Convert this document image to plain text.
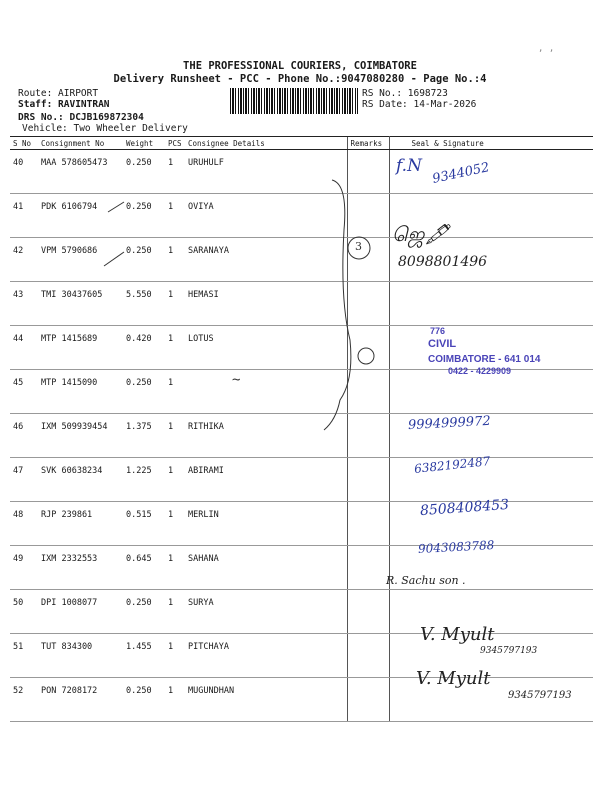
THE PROFESSIONAL COURIERS, COIMBATORE
Delivery Runsheet - PCC - Phone No.:9047080280 - Page No.:4
, ,
Route: AIRPORT
Staff: RAVINTRAN
DRS No.: DCJB169872304
Vehicle: Two Wheeler Delivery
RS No.: 1698723
RS Date: 14-Mar-2026
S No	Consignment No	Weight	PCS	Consignee Details	Remarks	Seal & Signature
40	MAA 578605473	0.250	1	URUHULF		
41	PDK 6106794	0.250	1	OVIYA		
42	VPM 5790686	0.250	1	SARANAYA		
43	TMI 30437605	5.550	1	HEMASI		
44	MTP 1415689	0.420	1	LOTUS		
45	MTP 1415090	0.250	1			
46	IXM 509939454	1.375	1	RITHIKA		
47	SVK 60638234	1.225	1	ABIRAMI		
48	RJP 239861	0.515	1	MERLIN		
49	IXM 2332553	0.645	1	SAHANA		
50	DPI 1008077	0.250	1	SURYA		
51	TUT 834300	1.455	1	PITCHAYA		
52	PON 7208172	0.250	1	MUGUNDHAN		
3
~
f.N 9344052
ஜெ🖋
8098801496
9994999972
6382192487
8508408453
9043083788
R. Sachu son .
V. Myult
9345797193
V. Myult
9345797193
776
CIVIL
COIMBATORE - 641 014
0422 - 4229909
